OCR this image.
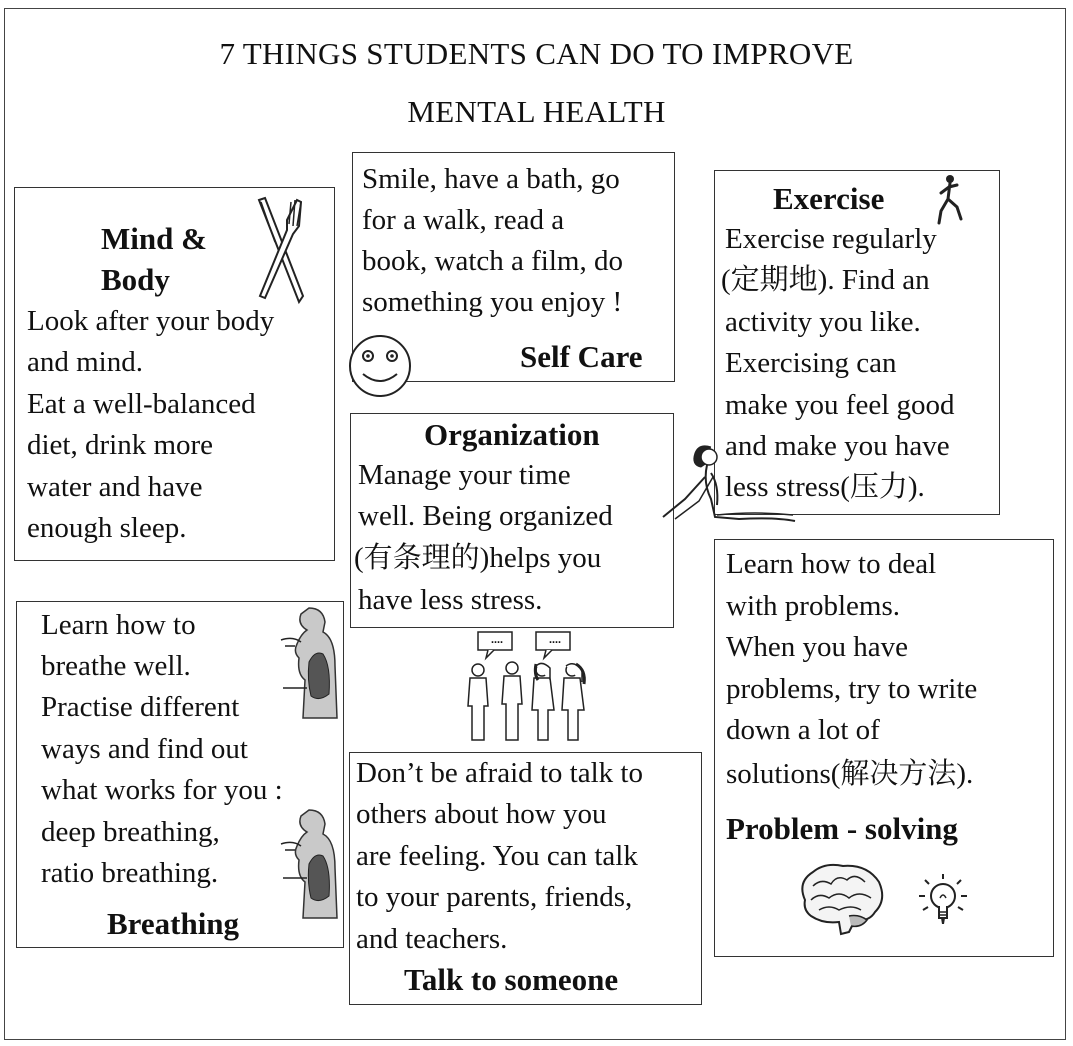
7 THINGS STUDENTS CAN DO TO IMPROVE
MENTAL HEALTH
Mind &
Body
Look after your body
and mind.
Eat a well-balanced
diet, drink more
water and have
enough sleep.
Smile, have a bath, go
for a walk, read a
book, watch a film, do
something you enjoy !
Self Care
Exercise
Exercise regularly
(定期地). Find an
activity you like.
Exercising can
make you feel good
and make you have
less stress(压力).
Organization
Manage your time
well. Being organized
(有条理的)helps you
have less stress.
Learn how to
breathe well.
Practise different
ways and find out
what works for you :
deep breathing,
ratio breathing.
Breathing
....	....
Don’t be afraid to talk to
others about how you
are feeling. You can talk
to your parents, friends,
and teachers.
Talk to someone
Learn how to deal
with problems.
When you have
problems, try to write
down a lot of
solutions(解决方法).
Problem - solving
